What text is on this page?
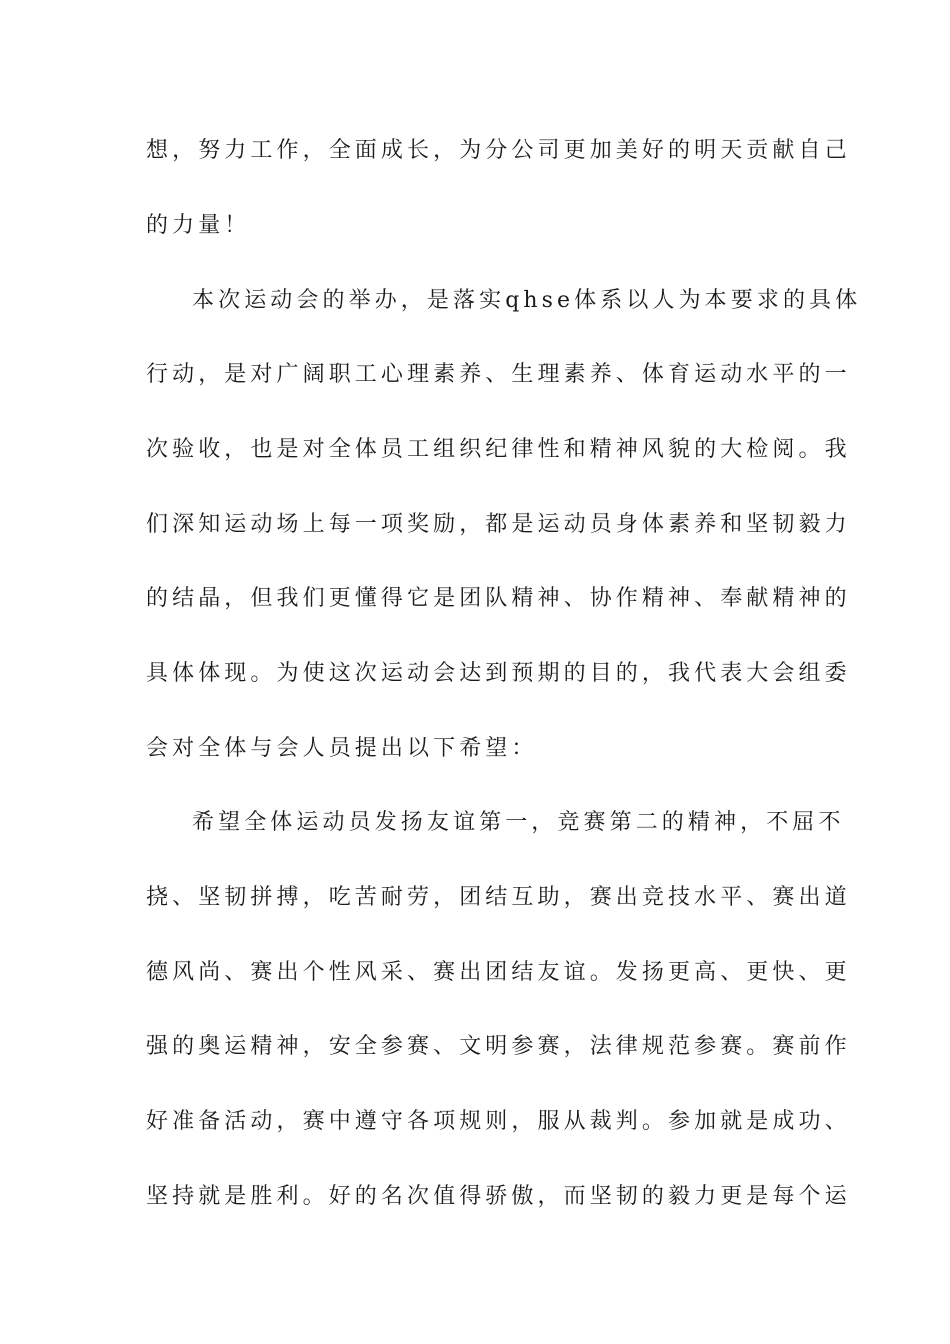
想，努力工作，全面成长，为分公司更加美好的明天贡献自己
的力量！
本次运动会的举办，是落实qhse体系以人为本要求的具体
行动，是对广阔职工心理素养、生理素养、体育运动水平的一
次验收，也是对全体员工组织纪律性和精神风貌的大检阅。我
们深知运动场上每一项奖励，都是运动员身体素养和坚韧毅力
的结晶，但我们更懂得它是团队精神、协作精神、奉献精神的
具体体现。为使这次运动会达到预期的目的，我代表大会组委
会对全体与会人员提出以下希望：
希望全体运动员发扬友谊第一，竞赛第二的精神，不屈不
挠、坚韧拼搏，吃苦耐劳，团结互助，赛出竞技水平、赛出道
德风尚、赛出个性风采、赛出团结友谊。发扬更高、更快、更
强的奥运精神，安全参赛、文明参赛，法律规范参赛。赛前作
好准备活动，赛中遵守各项规则，服从裁判。参加就是成功、
坚持就是胜利。好的名次值得骄傲，而坚韧的毅力更是每个运
